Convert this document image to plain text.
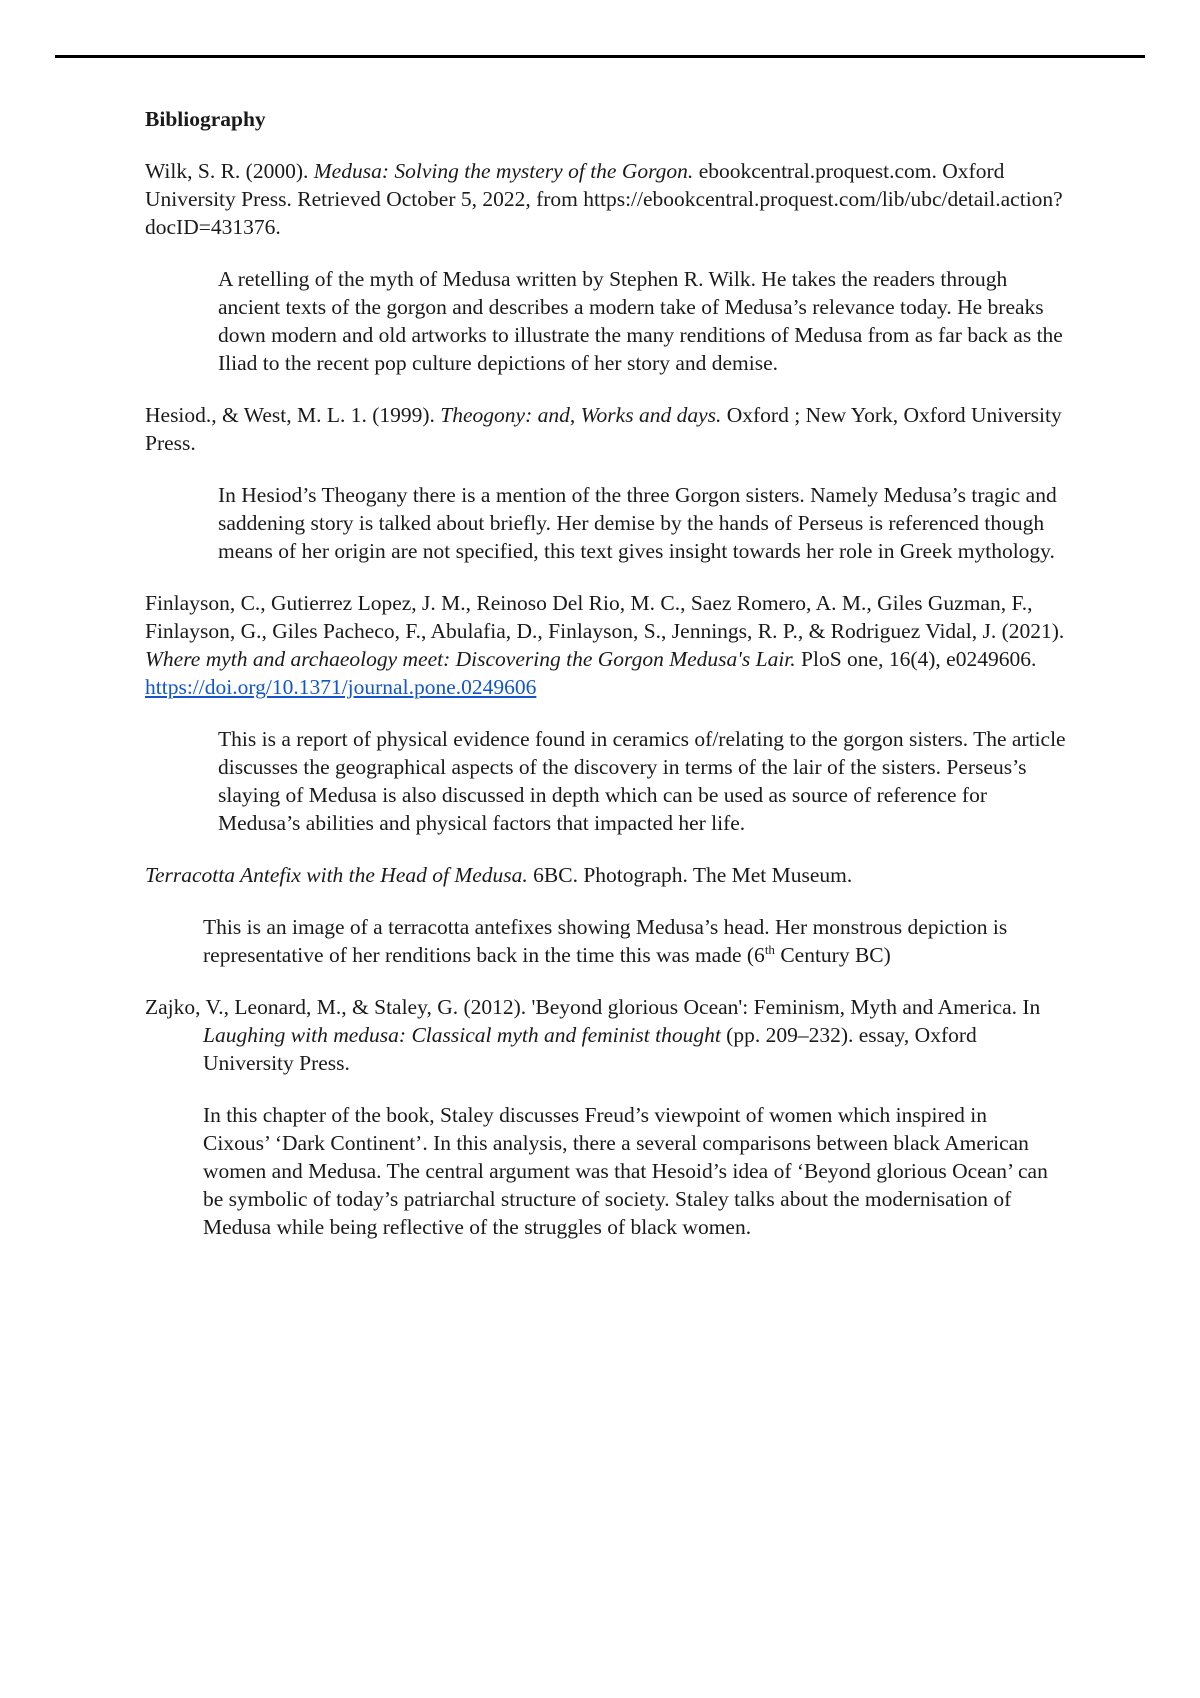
Bibliography
Wilk, S. R. (2000). Medusa: Solving the mystery of the Gorgon. ebookcentral.proquest.com. Oxford University Press. Retrieved October 5, 2022, from https://ebookcentral.proquest.com/lib/ubc/detail.action?docID=431376.
A retelling of the myth of Medusa written by Stephen R. Wilk. He takes the readers through ancient texts of the gorgon and describes a modern take of Medusa’s relevance today. He breaks down modern and old artworks to illustrate the many renditions of Medusa from as far back as the Iliad to the recent pop culture depictions of her story and demise.
Hesiod., & West, M. L. 1. (1999). Theogony: and, Works and days. Oxford ; New York, Oxford University Press.
In Hesiod’s Theogany there is a mention of the three Gorgon sisters. Namely Medusa’s tragic and saddening story is talked about briefly. Her demise by the hands of Perseus is referenced though means of her origin are not specified, this text gives insight towards her role in Greek mythology.
Finlayson, C., Gutierrez Lopez, J. M., Reinoso Del Rio, M. C., Saez Romero, A. M., Giles Guzman, F., Finlayson, G., Giles Pacheco, F., Abulafia, D., Finlayson, S., Jennings, R. P., & Rodriguez Vidal, J. (2021). Where myth and archaeology meet: Discovering the Gorgon Medusa's Lair. PloS one, 16(4), e0249606. https://doi.org/10.1371/journal.pone.0249606
This is a report of physical evidence found in ceramics of/relating to the gorgon sisters. The article discusses the geographical aspects of the discovery in terms of the lair of the sisters. Perseus’s slaying of Medusa is also discussed in depth which can be used as source of reference for Medusa’s abilities and physical factors that impacted her life.
Terracotta Antefix with the Head of Medusa. 6BC. Photograph. The Met Museum.
This is an image of a terracotta antefixes showing Medusa’s head. Her monstrous depiction is representative of her renditions back in the time this was made (6th Century BC)
Zajko, V., Leonard, M., & Staley, G. (2012). 'Beyond glorious Ocean': Feminism, Myth and America. In Laughing with medusa: Classical myth and feminist thought (pp. 209–232). essay, Oxford University Press.
In this chapter of the book, Staley discusses Freud’s viewpoint of women which inspired in Cixous’ ‘Dark Continent’. In this analysis, there a several comparisons between black American women and Medusa. The central argument was that Hesoid’s idea of ‘Beyond glorious Ocean’ can be symbolic of today’s patriarchal structure of society. Staley talks about the modernisation of Medusa while being reflective of the struggles of black women.
